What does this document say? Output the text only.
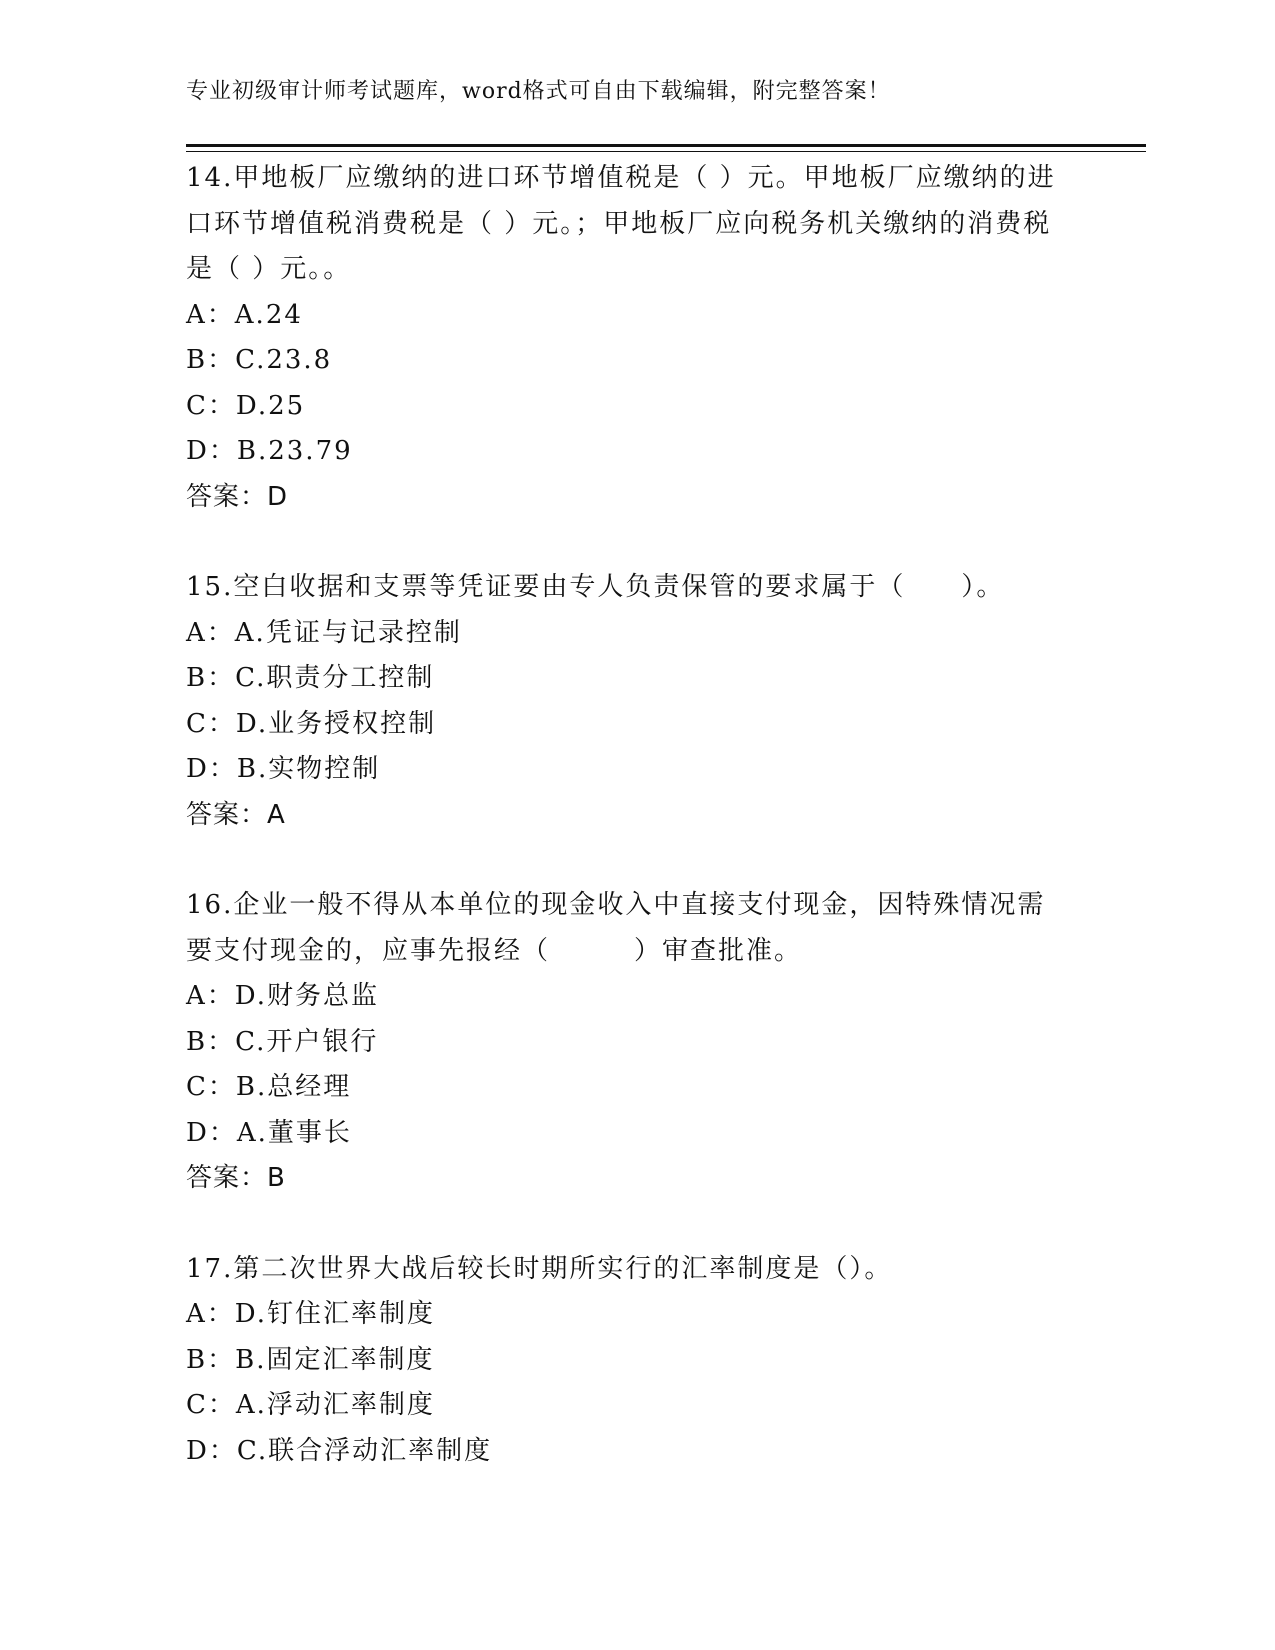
专业初级审计师考试题库，word格式可自由下载编辑，附完整答案！
14.甲地板厂应缴纳的进口环节增值税是（ ）元。甲地板厂应缴纳的进口环节增值税消费税是（ ）元。；甲地板厂应向税务机关缴纳的消费税是（ ）元。。
A：A.24
B：C.23.8
C：D.25
D：B.23.79
答案：D
15.空白收据和支票等凭证要由专人负责保管的要求属于（　　）。
A：A.凭证与记录控制
B：C.职责分工控制
C：D.业务授权控制
D：B.实物控制
答案：A
16.企业一般不得从本单位的现金收入中直接支付现金，因特殊情况需要支付现金的，应事先报经（　　　）审查批准。
A：D.财务总监
B：C.开户银行
C：B.总经理
D：A.董事长
答案：B
17.第二次世界大战后较长时期所实行的汇率制度是（）。
A：D.钉住汇率制度
B：B.固定汇率制度
C：A.浮动汇率制度
D：C.联合浮动汇率制度
